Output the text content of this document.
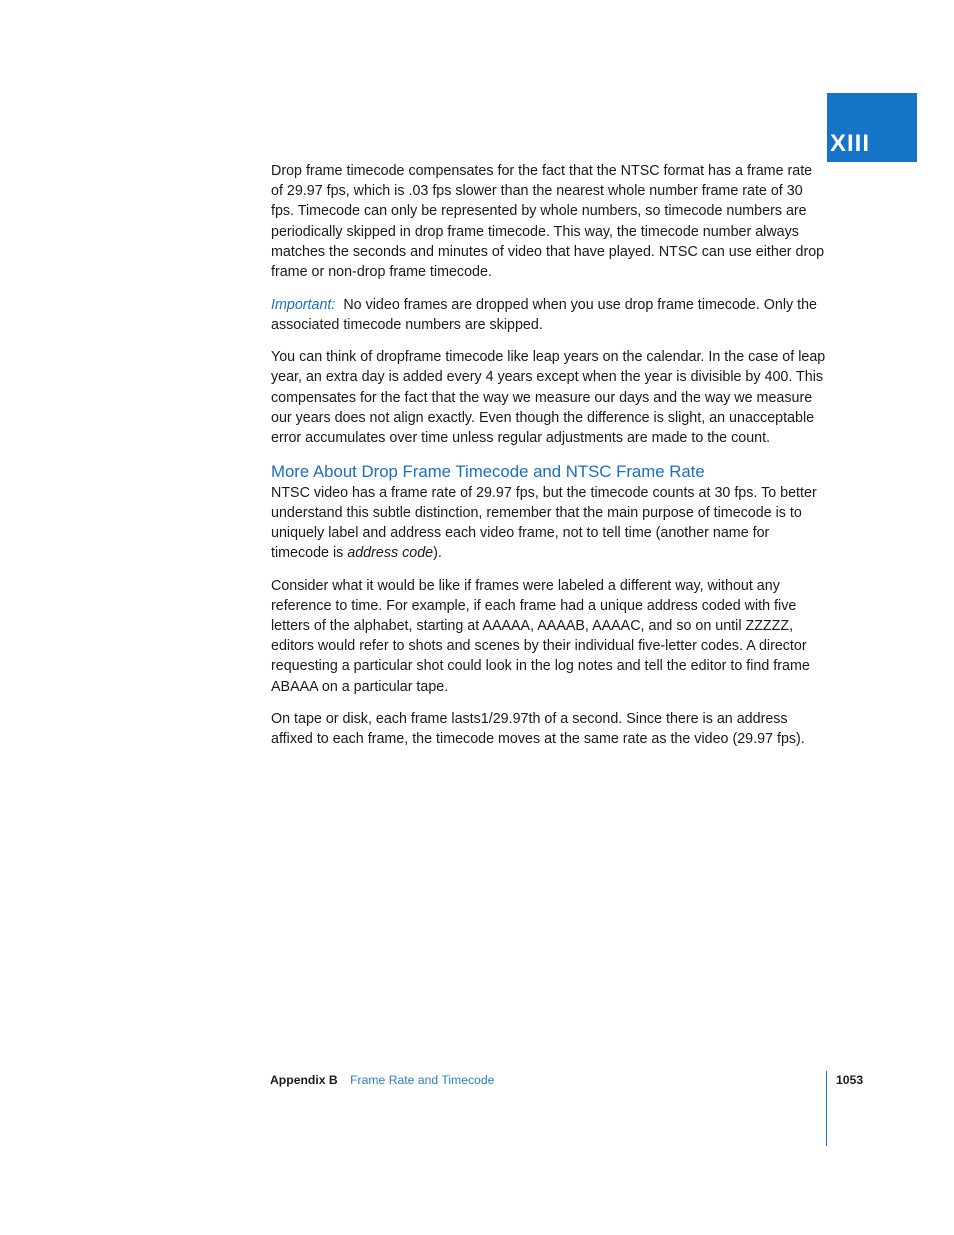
XIII

Drop frame timecode compensates for the fact that the NTSC format has a frame rate of 29.97 fps, which is .03 fps slower than the nearest whole number frame rate of 30 fps. Timecode can only be represented by whole numbers, so timecode numbers are periodically skipped in drop frame timecode. This way, the timecode number always matches the seconds and minutes of video that have played. NTSC can use either drop frame or non-drop frame timecode.

Important: No video frames are dropped when you use drop frame timecode. Only the associated timecode numbers are skipped.

You can think of dropframe timecode like leap years on the calendar. In the case of leap year, an extra day is added every 4 years except when the year is divisible by 400. This compensates for the fact that the way we measure our days and the way we measure our years does not align exactly. Even though the difference is slight, an unacceptable error accumulates over time unless regular adjustments are made to the count.

More About Drop Frame Timecode and NTSC Frame Rate

NTSC video has a frame rate of 29.97 fps, but the timecode counts at 30 fps. To better understand this subtle distinction, remember that the main purpose of timecode is to uniquely label and address each video frame, not to tell time (another name for timecode is address code).

Consider what it would be like if frames were labeled a different way, without any reference to time. For example, if each frame had a unique address coded with five letters of the alphabet, starting at AAAAA, AAAAB, AAAAC, and so on until ZZZZZ, editors would refer to shots and scenes by their individual five-letter codes. A director requesting a particular shot could look in the log notes and tell the editor to find frame ABAAA on a particular tape.

On tape or disk, each frame lasts1/29.97th of a second. Since there is an address affixed to each frame, the timecode moves at the same rate as the video (29.97 fps).

Appendix B Frame Rate and Timecode	1053
